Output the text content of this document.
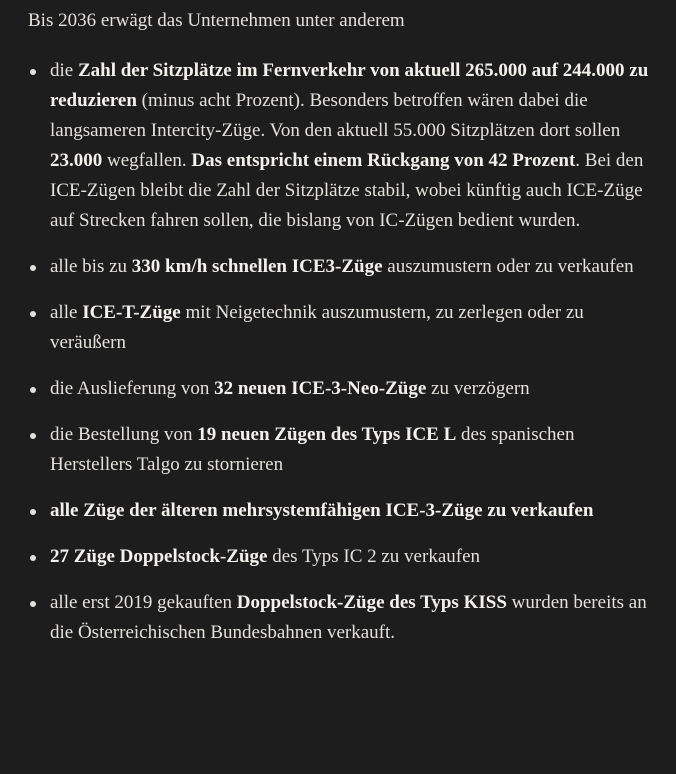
Bis 2036 erwägt das Unternehmen unter anderem

die Zahl der Sitzplätze im Fernverkehr von aktuell 265.000 auf 244.000 zu reduzieren (minus acht Prozent). Besonders betroffen wären dabei die langsameren Intercity-Züge. Von den aktuell 55.000 Sitzplätzen dort sollen 23.000 wegfallen. Das entspricht einem Rückgang von 42 Prozent. Bei den ICE-Zügen bleibt die Zahl der Sitzplätze stabil, wobei künftig auch ICE-Züge auf Strecken fahren sollen, die bislang von IC-Zügen bedient wurden.
alle bis zu 330 km/h schnellen ICE3-Züge auszumustern oder zu verkaufen
alle ICE-T-Züge mit Neigetechnik auszumustern, zu zerlegen oder zu veräußern
die Auslieferung von 32 neuen ICE-3-Neo-Züge zu verzögern
die Bestellung von 19 neuen Zügen des Typs ICE L des spanischen Herstellers Talgo zu stornieren
alle Züge der älteren mehrsystemfähigen ICE-3-Züge zu verkaufen
27 Züge Doppelstock-Züge des Typs IC 2 zu verkaufen
alle erst 2019 gekauften Doppelstock-Züge des Typs KISS wurden bereits an die Österreichischen Bundesbahnen verkauft.
